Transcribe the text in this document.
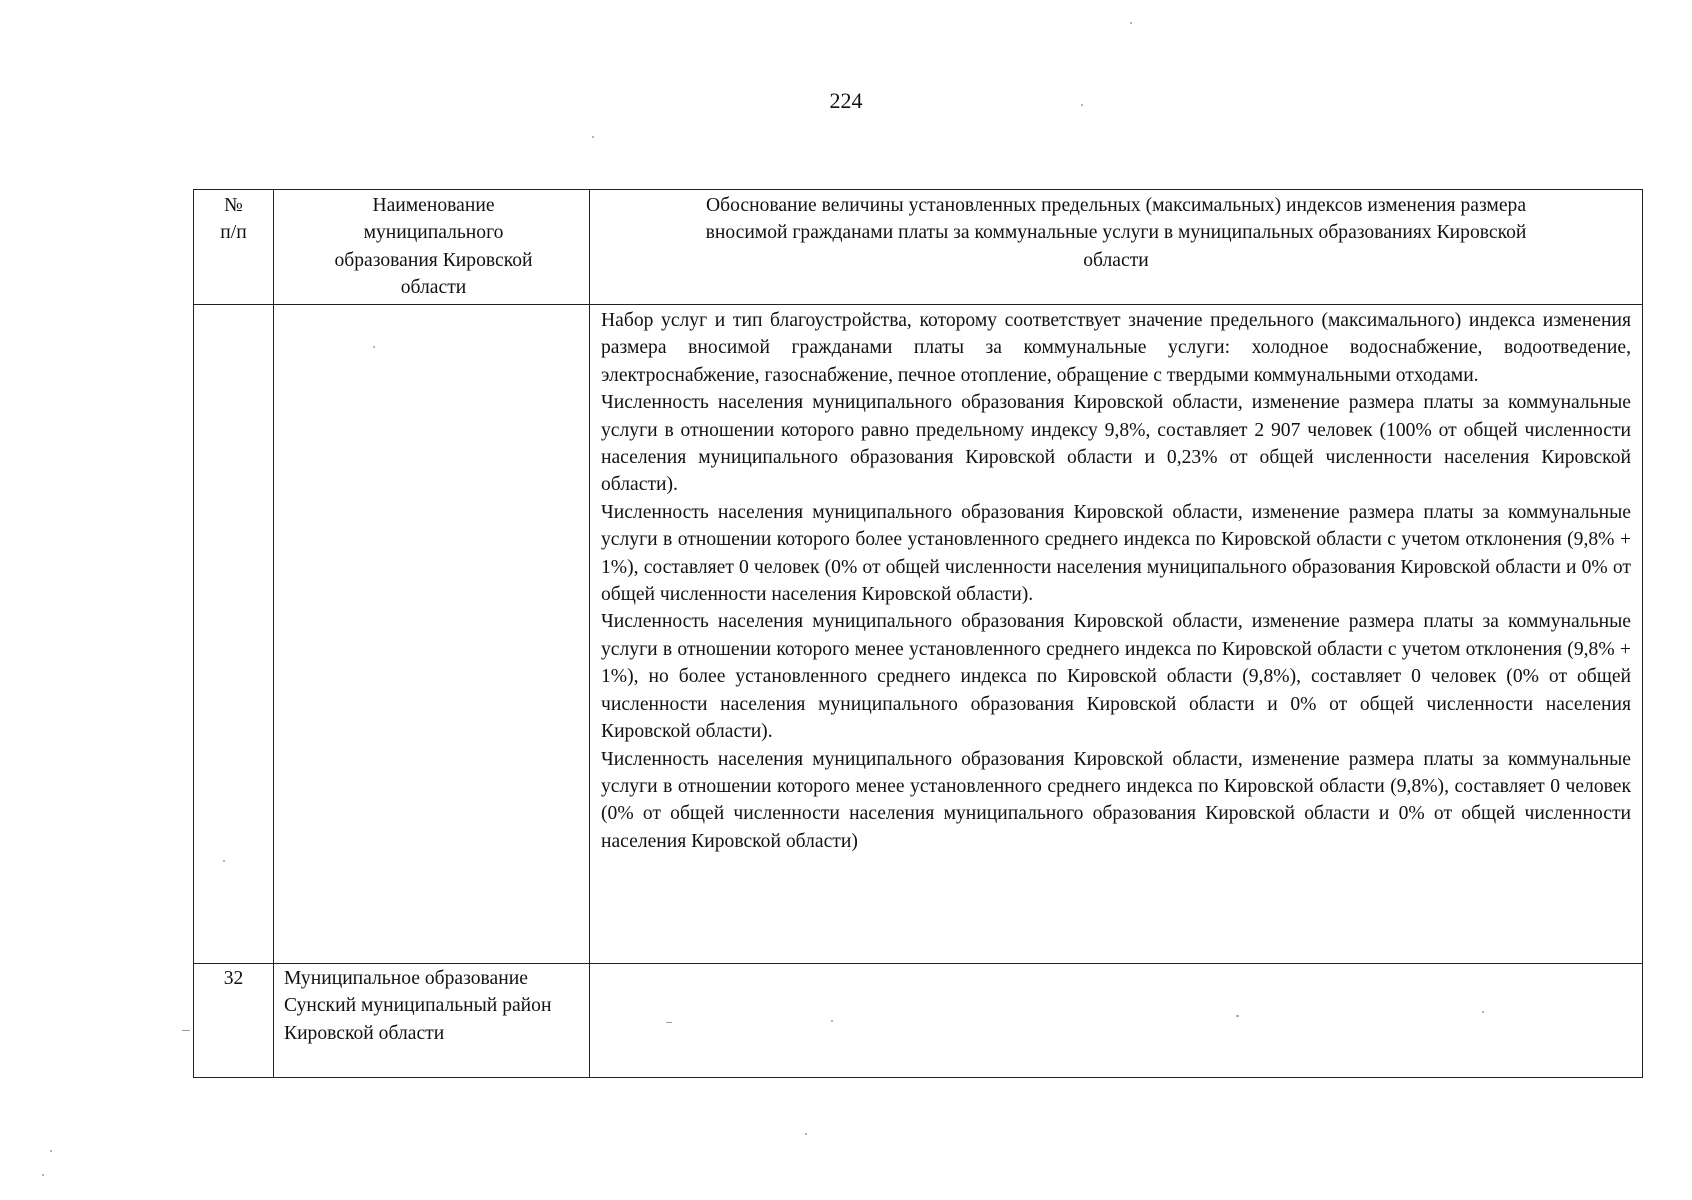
224
№
п/п	Наименование муниципального образования Кировской области	Обоснование величины установленных предельных (максимальных) индексов изменения размера вносимой гражданами платы за коммунальные услуги в муниципальных образованиях Кировской области

		Набор услуг и тип благоустройства, которому соответствует значение предельного (максимального) индекса изменения размера вносимой гражданами платы за коммунальные услуги: холодное водоснабжение, водоотведение, электроснабжение, газоснабжение, печное отопление, обращение с твердыми коммунальными отходами.

Численность населения муниципального образования Кировской области, изменение размера платы за коммунальные услуги в отношении которого равно предельному индексу 9,8%, составляет 2 907 человек (100% от общей численности населения муниципального образования Кировской области и 0,23% от общей численности населения Кировской области).

Численность населения муниципального образования Кировской области, изменение размера платы за коммунальные услуги в отношении которого более установленного среднего индекса по Кировской области с учетом отклонения (9,8% + 1%), составляет 0 человек (0% от общей численности населения муниципального образования Кировской области и 0% от общей численности населения Кировской области).

Численность населения муниципального образования Кировской области, изменение размера платы за коммунальные услуги в отношении которого менее установленного среднего индекса по Кировской области с учетом отклонения (9,8% + 1%), но более установленного среднего индекса по Кировской области (9,8%), составляет 0 человек (0% от общей численности населения муниципального образования Кировской области и 0% от общей численности населения Кировской области).

Численность населения муниципального образования Кировской области, изменение размера платы за коммунальные услуги в отношении которого менее установленного среднего индекса по Кировской области (9,8%), составляет 0 человек (0% от общей численности населения муниципального образования Кировской области и 0% от общей численности населения Кировской области)

32	Муниципальное образование Сунский муниципальный район Кировской области	
